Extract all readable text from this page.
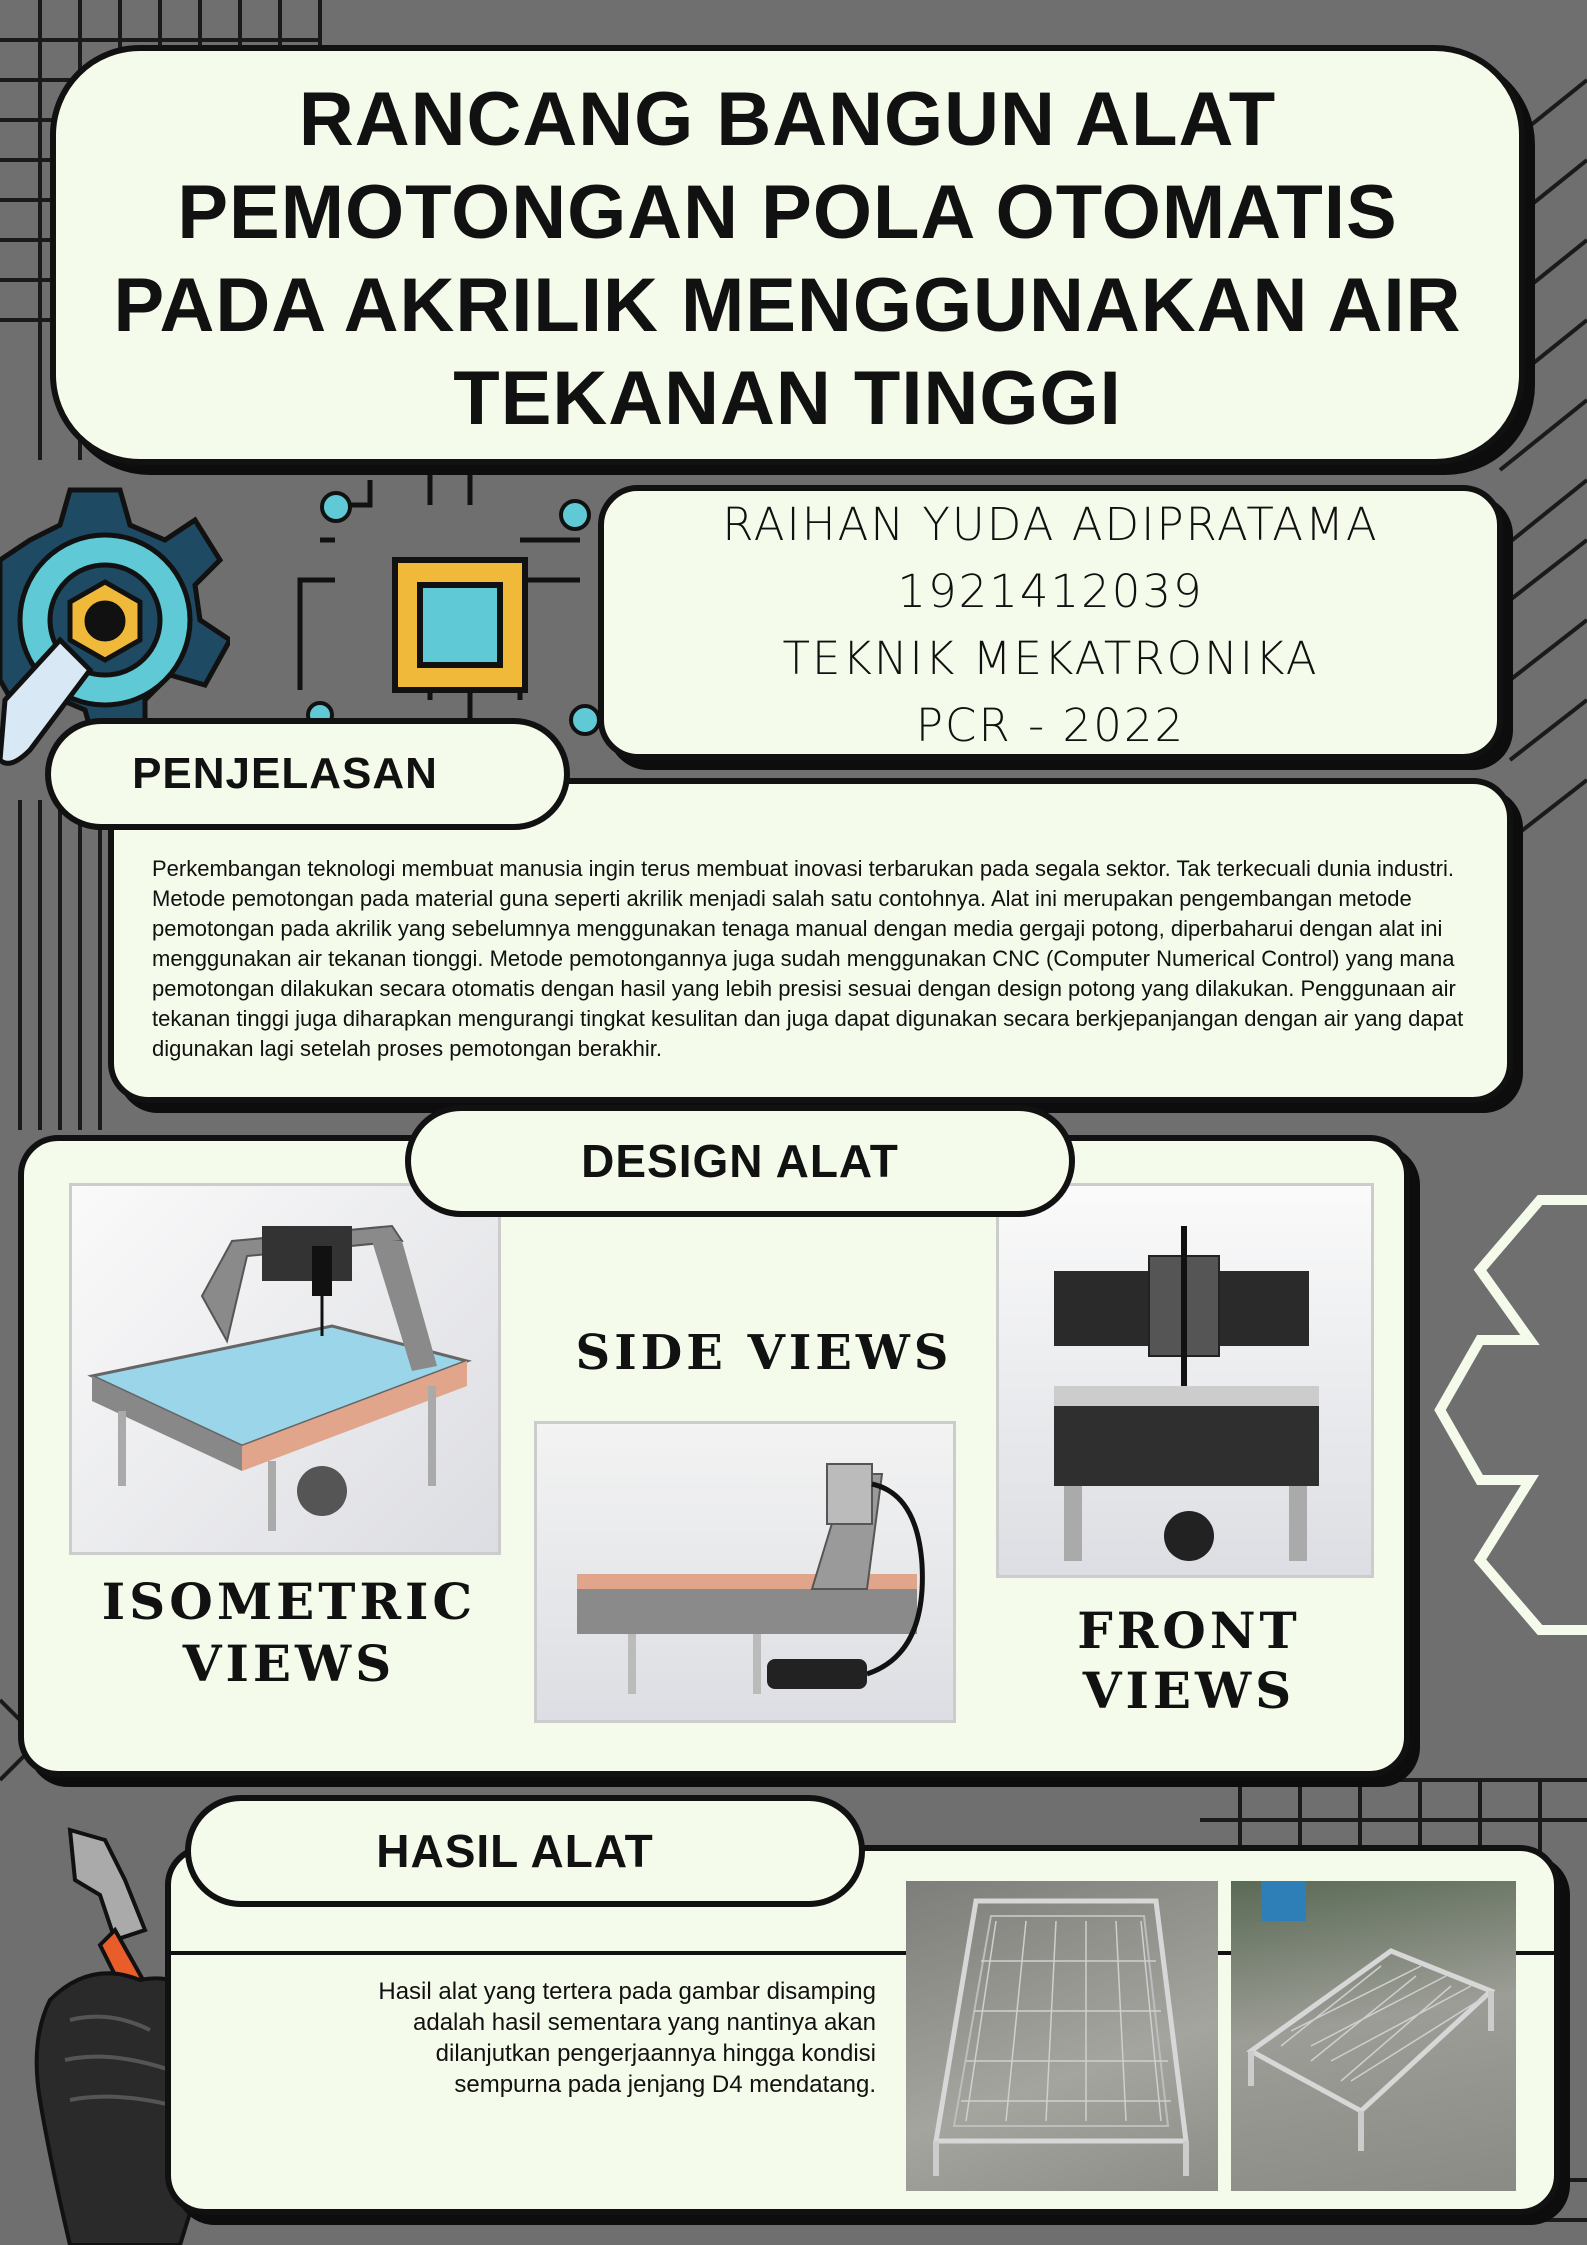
RANCANG BANGUN ALAT
PEMOTONGAN POLA OTOMATIS
PADA AKRILIK MENGGUNAKAN AIR
TEKANAN TINGGI
RAIHAN YUDA ADIPRATAMA
1921412039
TEKNIK MEKATRONIKA
PCR - 2022
Perkembangan teknologi membuat manusia ingin terus membuat inovasi terbarukan pada segala sektor. Tak terkecuali dunia industri. Metode pemotongan pada material guna seperti akrilik menjadi salah satu contohnya. Alat ini merupakan pengembangan metode pemotongan pada akrilik yang sebelumnya menggunakan tenaga manual dengan media gergaji potong, diperbaharui dengan alat ini menggunakan air tekanan tionggi. Metode pemotongannya juga sudah menggunakan CNC (Computer Numerical Control) yang mana pemotongan dilakukan secara otomatis dengan hasil yang lebih presisi sesuai dengan design potong yang dilakukan. Penggunaan air tekanan tinggi juga diharapkan mengurangi tingkat kesulitan dan juga dapat digunakan secara berkjepanjangan dengan air yang dapat digunakan lagi setelah proses pemotongan berakhir.
PENJELASAN
ISOMETRIC
VIEWS
SIDE VIEWS
FRONT
VIEWS
DESIGN ALAT
Hasil alat yang tertera pada gambar disamping adalah hasil sementara yang nantinya akan dilanjutkan pengerjaannya hingga kondisi sempurna pada jenjang D4 mendatang.
HASIL ALAT
